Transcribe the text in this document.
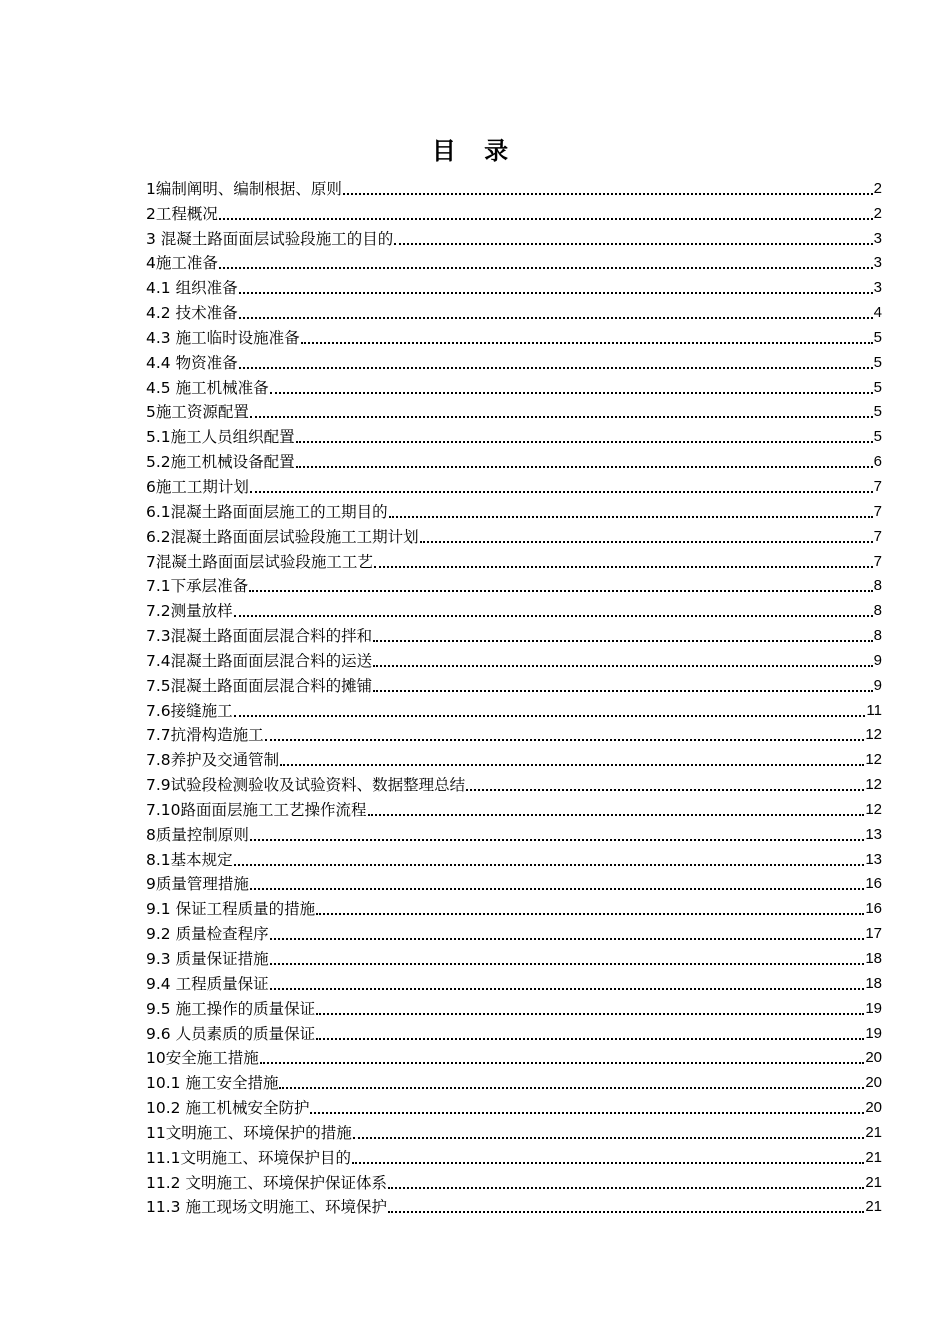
目 录
1编制阐明、编制根据、原则	2
2工程概况	2
3 混凝土路面面层试验段施工的目的	3
4施工准备	3
4.1 组织准备	3
4.2 技术准备	4
4.3 施工临时设施准备	5
4.4 物资准备	5
4.5 施工机械准备	5
5施工资源配置	5
5.1施工人员组织配置	5
5.2施工机械设备配置	6
6施工工期计划	7
6.1混凝土路面面层施工的工期目的	7
6.2混凝土路面面层试验段施工工期计划	7
7混凝土路面面层试验段施工工艺	7
7.1下承层准备	8
7.2测量放样	8
7.3混凝土路面面层混合料的拌和	8
7.4混凝土路面面层混合料的运送	9
7.5混凝土路面面层混合料的摊铺	9
7.6接缝施工	11
7.7抗滑构造施工	12
7.8养护及交通管制	12
7.9试验段检测验收及试验资料、数据整理总结	12
7.10路面面层施工工艺操作流程	12
8质量控制原则	13
8.1基本规定	13
9质量管理措施	16
9.1 保证工程质量的措施	16
9.2 质量检查程序	17
9.3 质量保证措施	18
9.4 工程质量保证	18
9.5 施工操作的质量保证	19
9.6 人员素质的质量保证	19
10安全施工措施	20
10.1 施工安全措施	20
10.2 施工机械安全防护	20
11文明施工、环境保护的措施	21
11.1文明施工、环境保护目的	21
11.2 文明施工、环境保护保证体系	21
11.3 施工现场文明施工、环境保护	21
